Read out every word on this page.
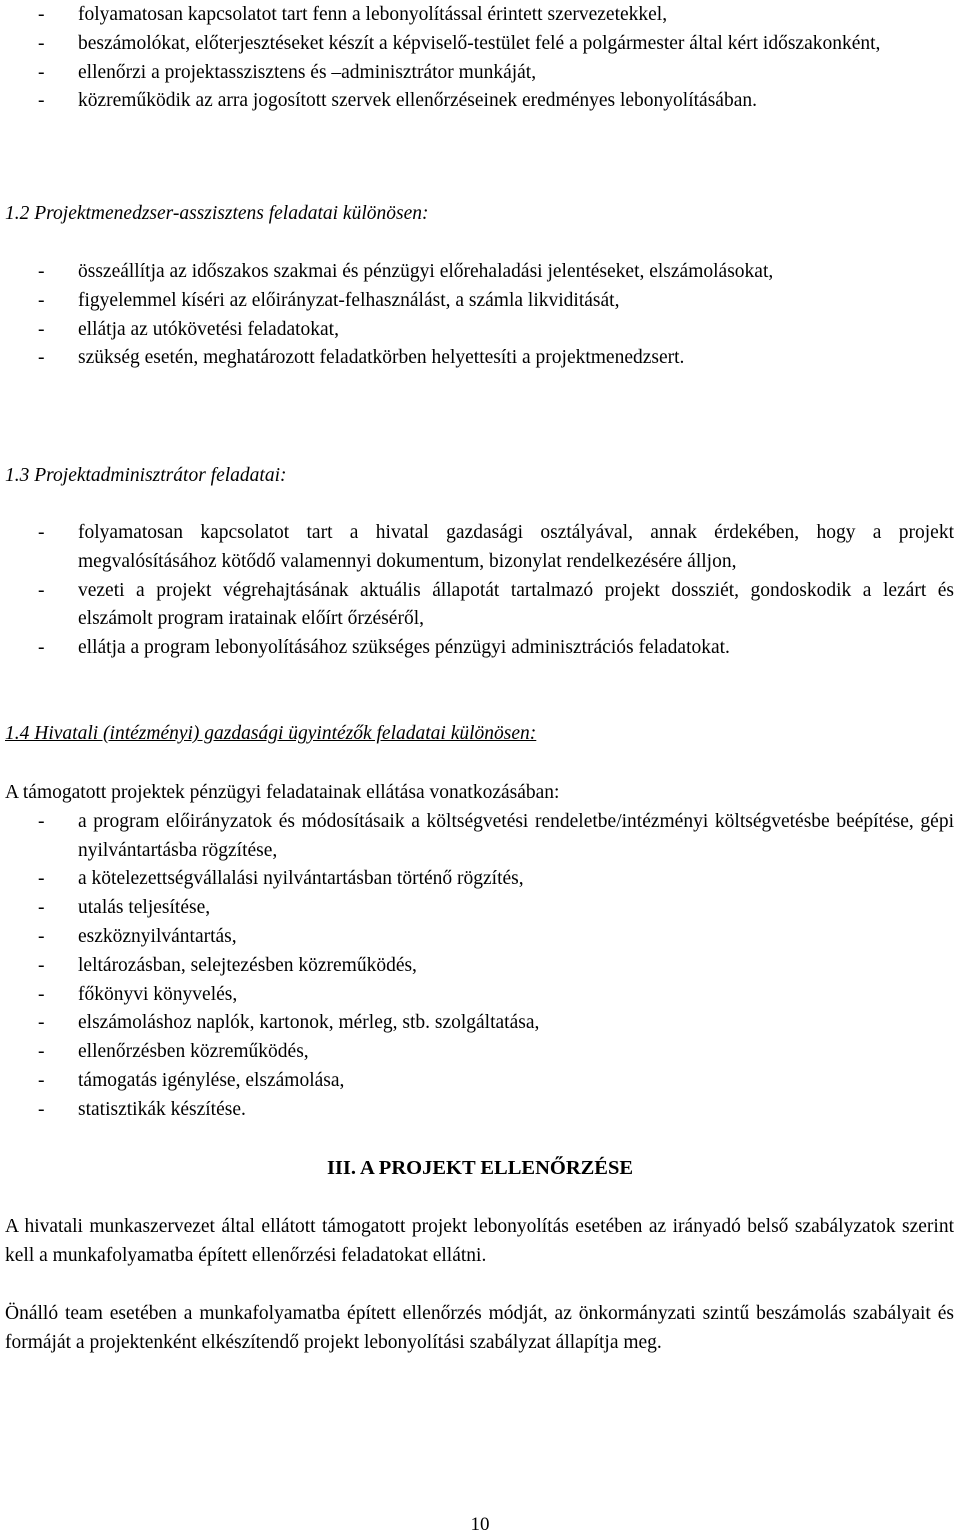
- folyamatosan kapcsolatot tart fenn a lebonyolítással érintett szervezetekkel,
- beszámolókat, előterjesztéseket készít a képviselő-testület felé a polgármester által kért időszakonként,
- ellenőrzi a projektasszisztens és –adminisztrátor munkáját,
- közreműködik az arra jogosított szervek ellenőrzéseinek eredményes lebonyolításában.
1.2 Projektmenedzser-asszisztens feladatai különösen:
- összeállítja az időszakos szakmai és pénzügyi előrehaladási jelentéseket, elszámolásokat,
- figyelemmel kíséri az előirányzat-felhasználást, a számla likviditását,
- ellátja az utókövetési feladatokat,
- szükség esetén, meghatározott feladatkörben helyettesíti a projektmenedzsert.
1.3 Projektadminisztrátor feladatai:
- folyamatosan kapcsolatot tart a hivatal gazdasági osztályával, annak érdekében, hogy a projekt megvalósításához kötődő valamennyi dokumentum, bizonylat rendelkezésére álljon,
- vezeti a projekt végrehajtásának aktuális állapotát tartalmazó projekt dossziét, gondoskodik a lezárt és elszámolt program iratainak előírt őrzéséről,
- ellátja a program lebonyolításához szükséges pénzügyi adminisztrációs feladatokat.
1.4 Hivatali (intézményi) gazdasági ügyintézők feladatai különösen:
A támogatott projektek pénzügyi feladatainak ellátása vonatkozásában:
- a program előirányzatok és módosításaik a költségvetési rendeletbe/intézményi költségvetésbe beépítése, gépi nyilvántartásba rögzítése,
- a kötelezettségvállalási nyilvántartásban történő rögzítés,
- utalás teljesítése,
- eszköznyilvántartás,
- leltározásban, selejtezésben közreműködés,
- főkönyvi könyvelés,
- elszámoláshoz naplók, kartonok, mérleg, stb. szolgáltatása,
- ellenőrzésben közreműködés,
- támogatás igénylése, elszámolása,
- statisztikák készítése.
III. A PROJEKT ELLENŐRZÉSE
A hivatali munkaszervezet által ellátott támogatott projekt lebonyolítás esetében az irányadó belső szabályzatok szerint kell a munkafolyamatba épített ellenőrzési feladatokat ellátni.
Önálló team esetében a munkafolyamatba épített ellenőrzés módját, az önkormányzati szintű beszámolás szabályait és formáját a projektenként elkészítendő projekt lebonyolítási szabályzat állapítja meg.
10
